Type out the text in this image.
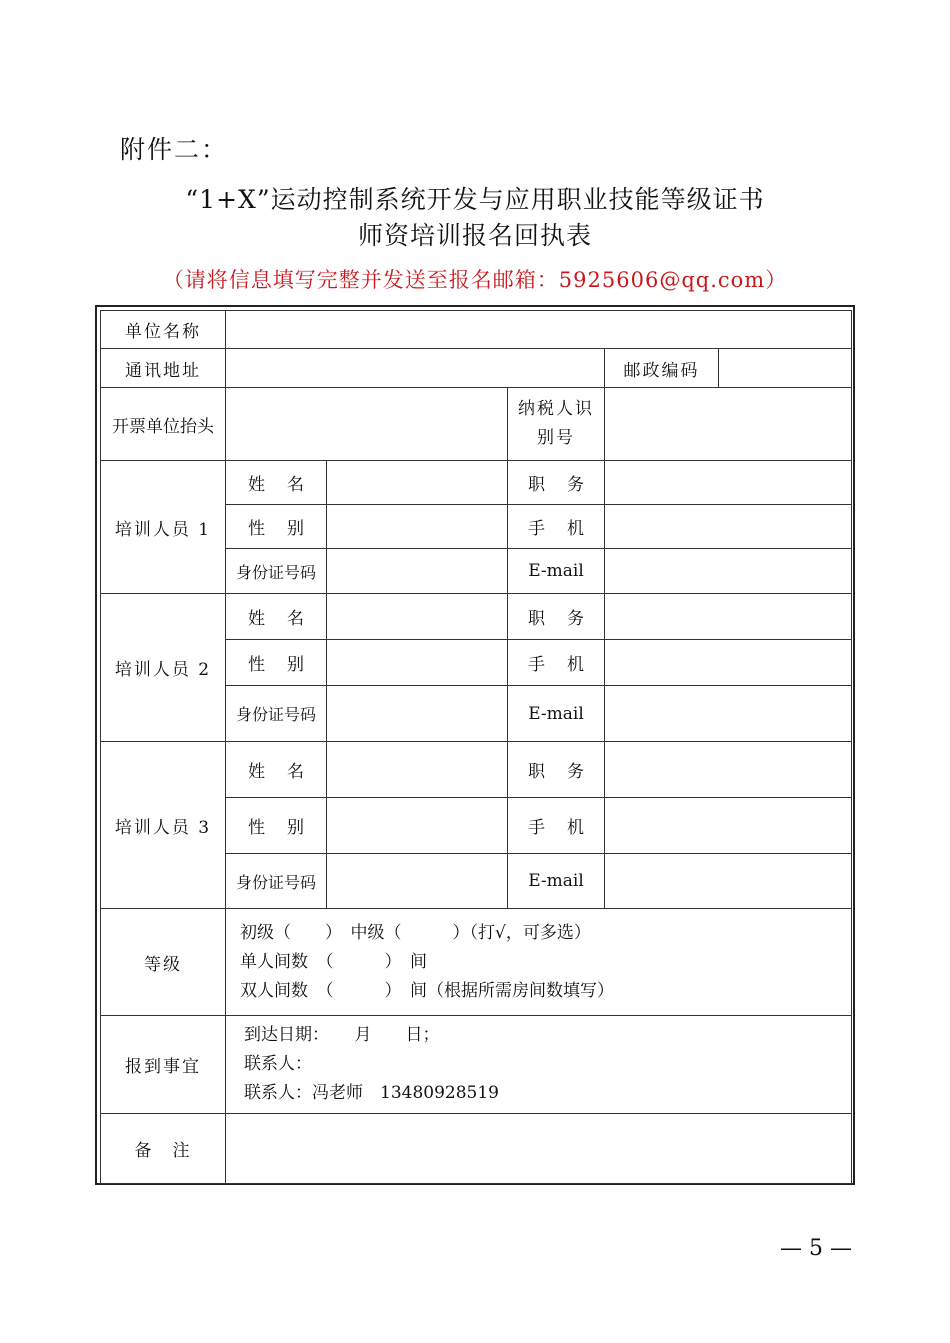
附件二：
“1+X”运动控制系统开发与应用职业技能等级证书
师资培训报名回执表
（请将信息填写完整并发送至报名邮箱：5925606@qq.com）
单位名称					
通讯地址				邮政编码	
开票单位抬头			纳税人识
别号		

培训人员 1	姓 名		职 务		
	性 别		手 机		
	身份证号码		E-mail		
培训人员 2	姓 名		职 务		
	性 别		手 机		
	身份证号码		E-mail		
培训人员 3	姓 名		职 务		
	性 别		手 机		
	身份证号码		E-mail		
等级	初级（　　）　中级（　　　）（打√，可多选）
单人间数　（　　　）　间
双人间数　（　　　）　间（根据所需房间数填写）				

报到事宜	到达日期：　　月　　日；
联系人：
联系人：冯老师　13480928519				

备　注					
— 5 —
